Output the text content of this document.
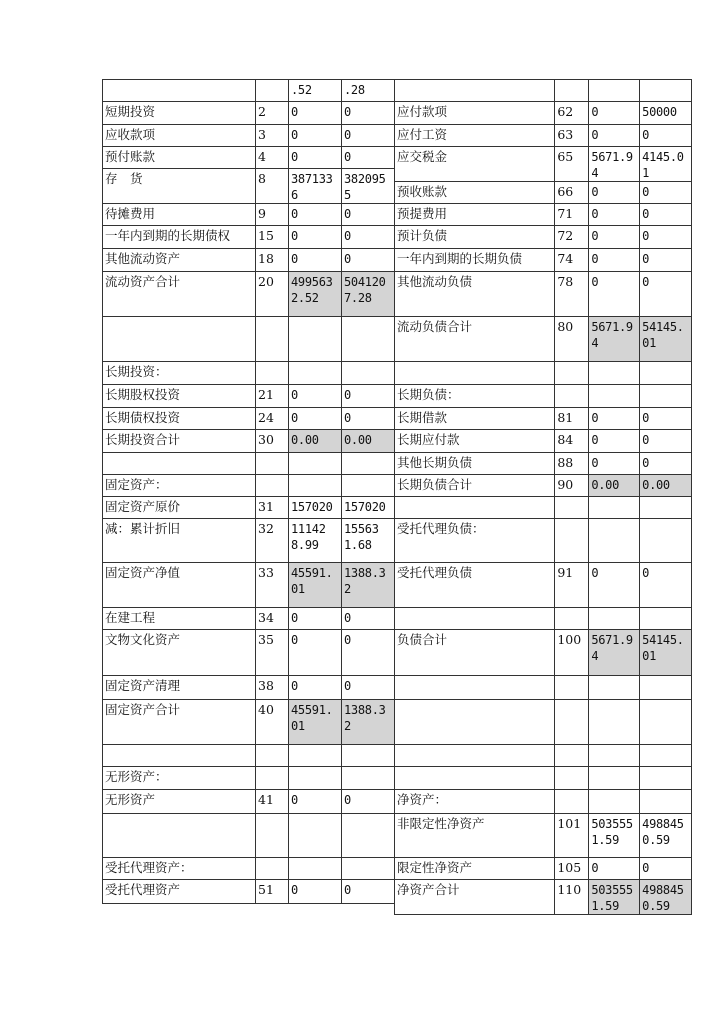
		.52	.28
短期投资	2	0	0
应收款项	3	0	0
预付账款	4	0	0
存　货	8	3871336	3820955
待摊费用	9	0	0
一年内到期的长期债权	15	0	0
其他流动资产	18	0	0
流动资产合计	20	4995632.52	5041207.28

长期投资：			
长期股权投资	21	0	0
长期债权投资	24	0	0
长期投资合计	30	0.00	0.00

固定资产：			
固定资产原价	31	157020	157020
减：累计折旧	32	111428.99	155631.68
固定资产净值	33	45591.01	1388.32
在建工程	34	0	0
文物文化资产	35	0	0
固定资产清理	38	0	0
固定资产合计	40	45591.01	1388.32

无形资产：			
无形资产	41	0	0

受托代理资产：			
受托代理资产	51	0	0

应付款项	62	0	50000
应付工资	63	0	0
应交税金	65	5671.94	4145.01
预收账款	66	0	0
预提费用	71	0	0
预计负债	72	0	0
一年内到期的长期负债	74	0	0
其他流动负债	78	0	0
流动负债合计	80	5671.94	54145.01

长期负债：			
长期借款	81	0	0
长期应付款	84	0	0
其他长期负债	88	0	0
长期负债合计	90	0.00	0.00

受托代理负债：			
受托代理负债	91	0	0

负债合计	100	5671.94	54145.01

净资产：			
非限定性净资产	101	5035551.59	4988450.59
限定性净资产	105	0	0
净资产合计	110	5035551.59	4988450.59
